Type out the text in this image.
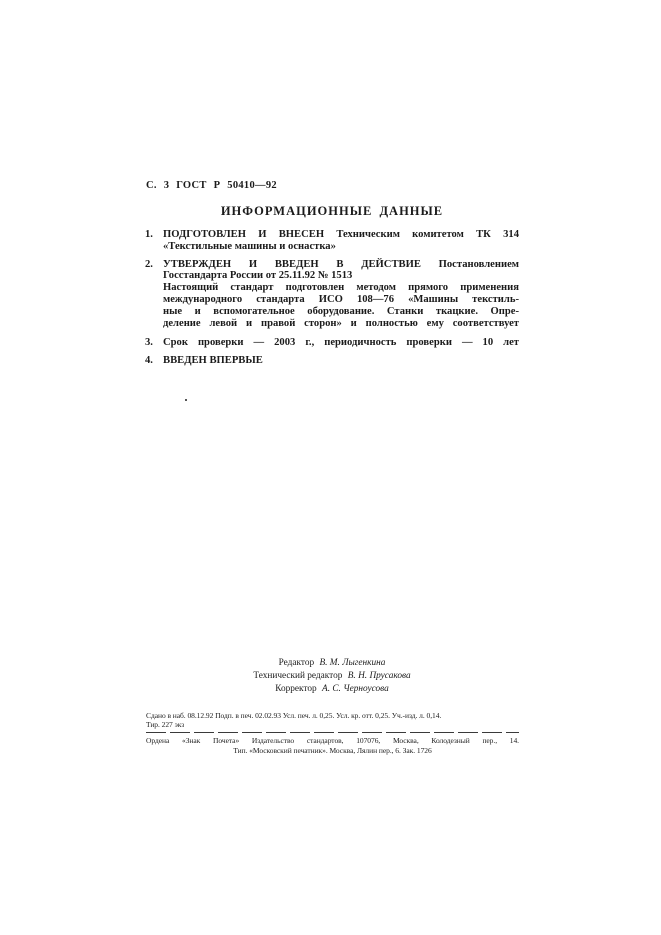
С. 3 ГОСТ Р 50410—92
ИНФОРМАЦИОННЫЕ ДАННЫЕ
1. ПОДГОТОВЛЕН И ВНЕСЕН Техническим комитетом ТК 314
«Текстильные машины и оснастка»
2. УТВЕРЖДЕН И ВВЕДЕН В ДЕЙСТВИЕ Постановлением
Госстандарта России от 25.11.92 № 1513
Настоящий стандарт подготовлен методом прямого применения
международного стандарта ИСО 108—76 «Машины текстиль-
ные и вспомогательное оборудование. Станки ткацкие. Опре-
деление левой и правой сторон» и полностью ему соответствует
3. Срок проверки — 2003 г., периодичность проверки — 10 лет
4. ВВЕДЕН ВПЕРВЫЕ
Редактор В. М. Лыгенкина
Технический редактор В. Н. Прусакова
Корректор А. С. Черноусова
Сдано в наб. 08.12.92 Подп. в печ. 02.02.93 Усл. печ. л. 0,25. Усл. кр. отт. 0,25. Уч.-изд. л. 0,14.
Тир. 227 экз
Ордена «Знак Почета» Издательство стандартов, 107076, Москва, Колодезный пер., 14.
Тип. «Московский печатник». Москва, Лялин пер., 6. Зак. 1726
